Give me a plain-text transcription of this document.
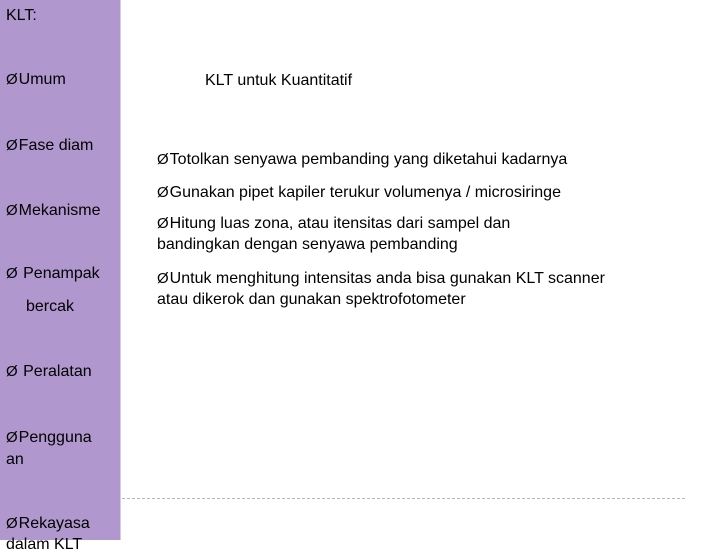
KLT:
ØUmum
ØFase diam
ØMekanisme
Ø Penampak
bercak
Ø Peralatan
ØPengguna
an
ØRekayasa
dalam KLT
KLT untuk Kuantitatif
ØTotolkan senyawa pembanding yang diketahui kadarnya
ØGunakan pipet kapiler terukur volumenya / microsiringe
ØHitung luas zona, atau itensitas dari sampel dan bandingkan dengan senyawa pembanding
ØUntuk menghitung intensitas anda bisa gunakan KLT scanner atau dikerok dan gunakan spektrofotometer
